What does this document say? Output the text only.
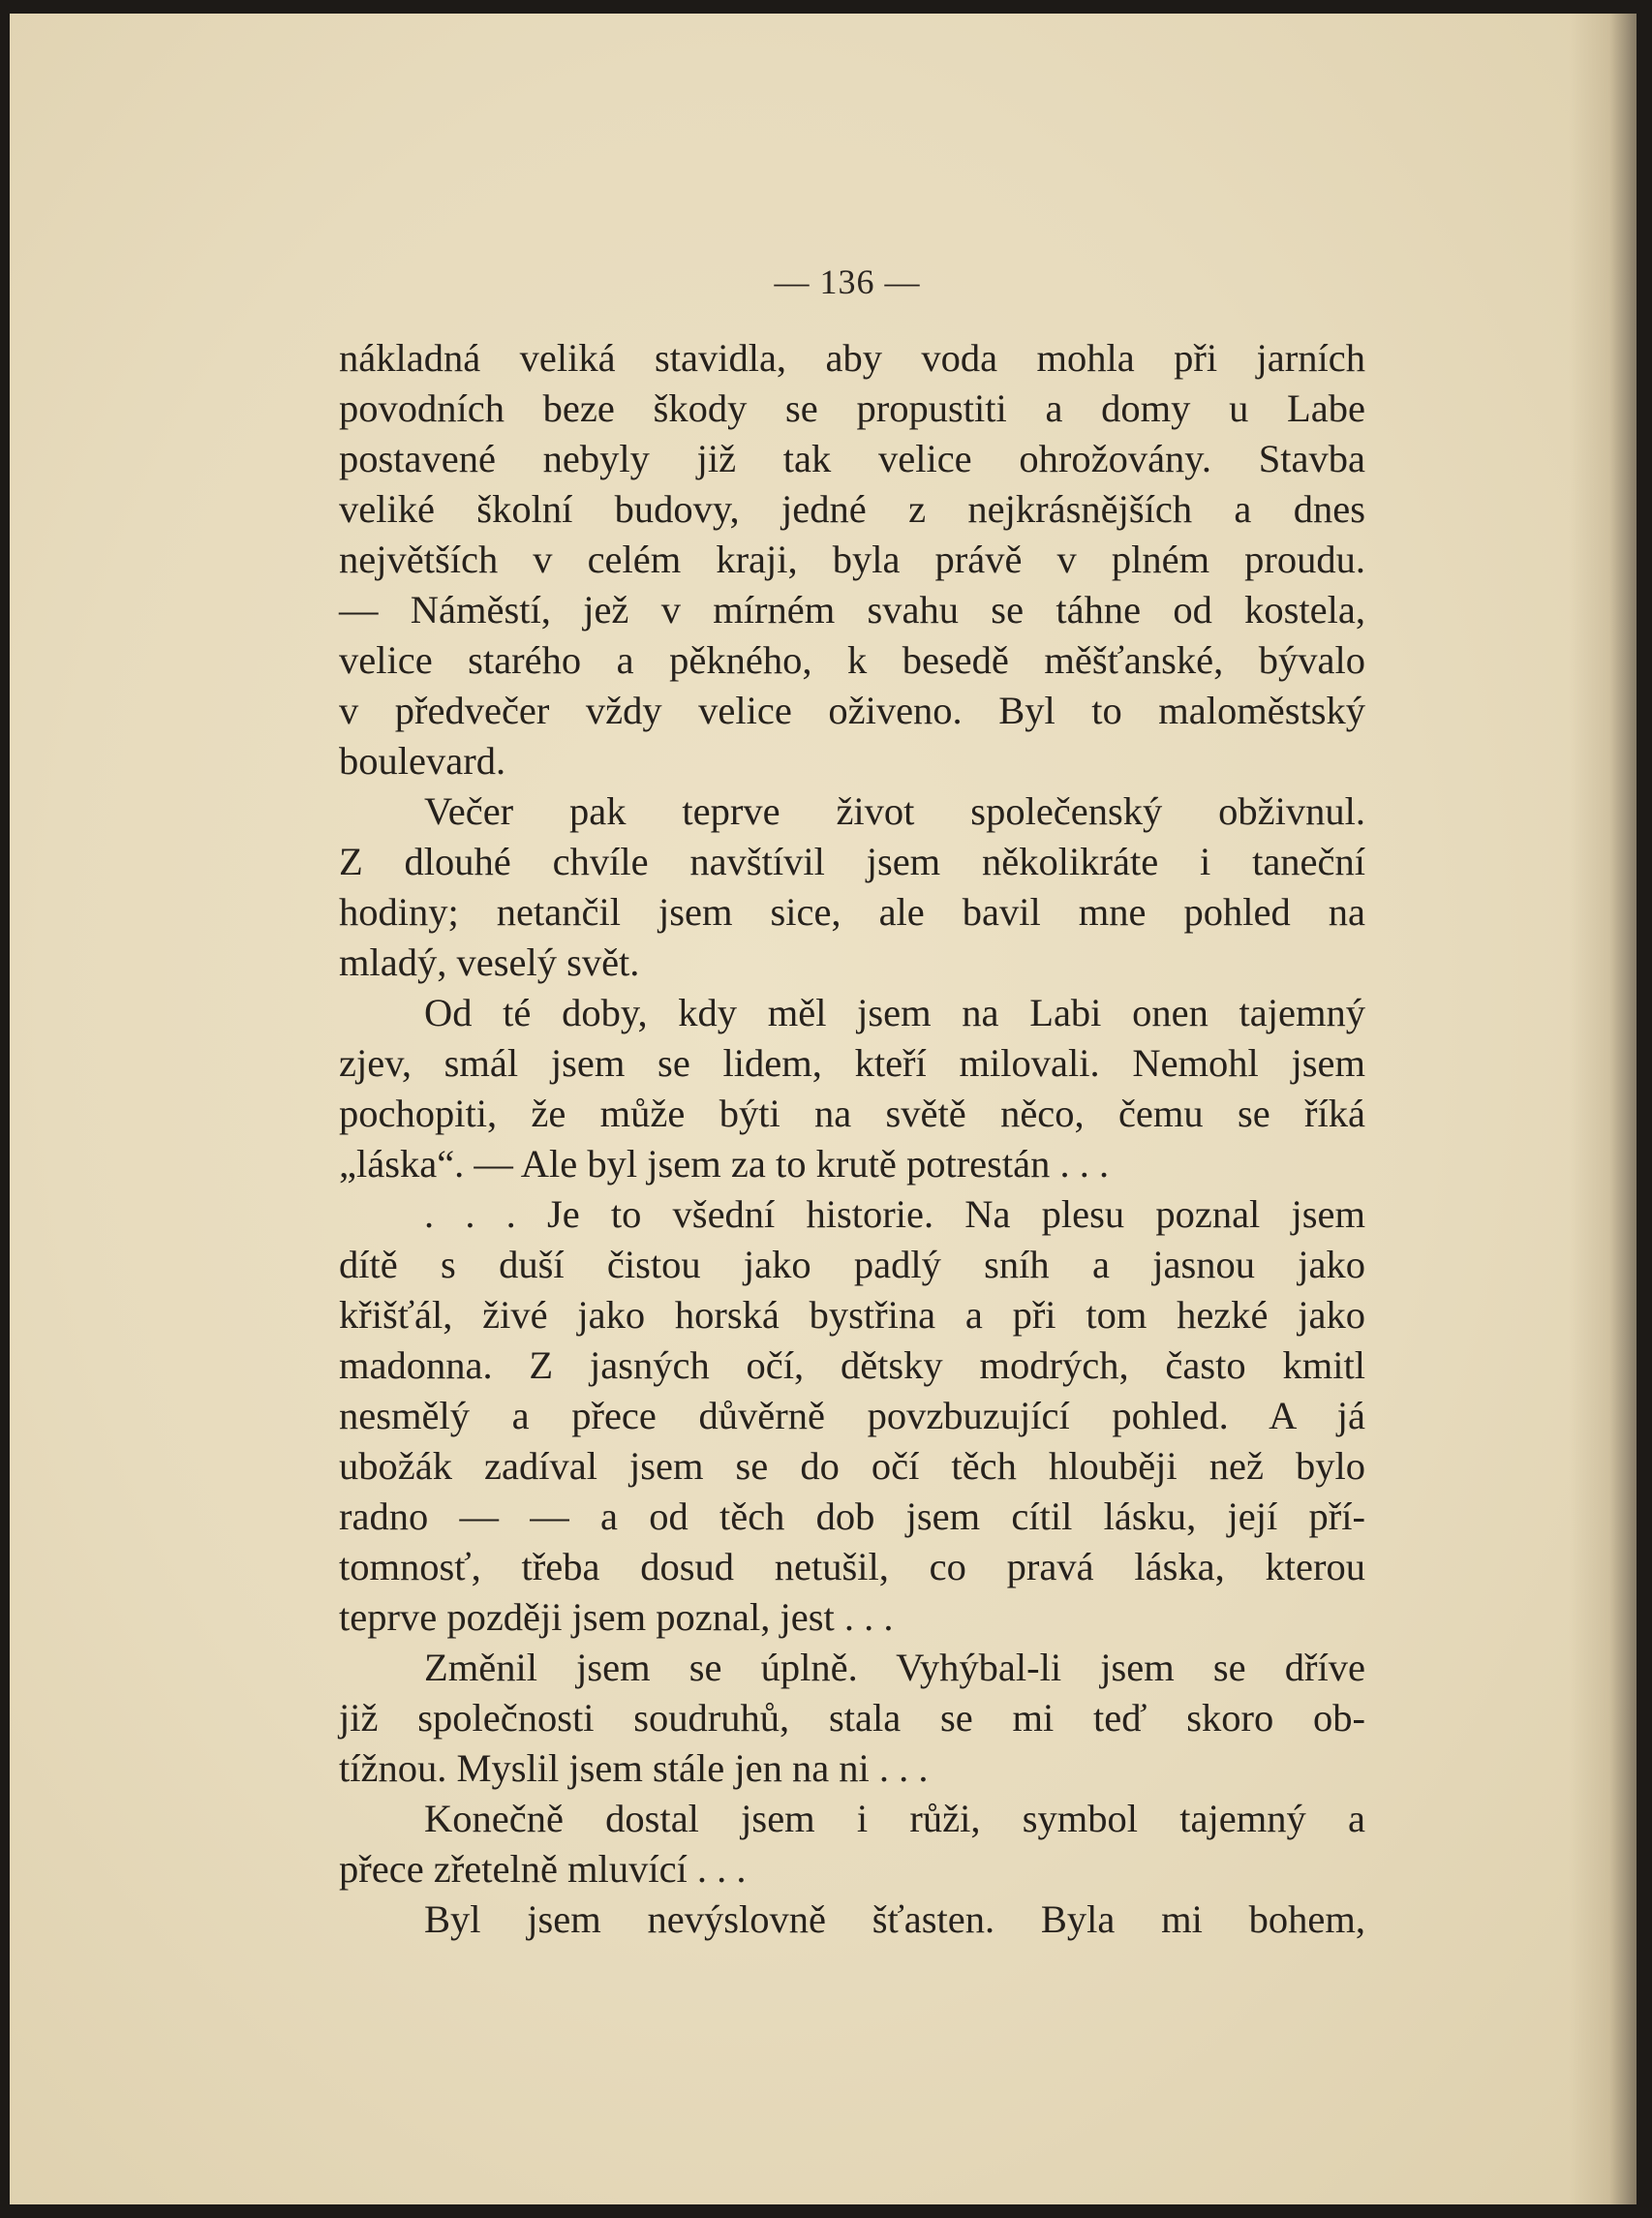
— 136 —

nákladná veliká stavidla, aby voda mohla při jarních
povodních beze škody se propustiti a domy u Labe
postavené nebyly již tak velice ohrožovány. Stavba
veliké školní budovy, jedné z nejkrásnějších a dnes
největších v celém kraji, byla právě v plném proudu.
— Náměstí, jež v mírném svahu se táhne od kostela,
velice starého a pěkného, k besedě měšťanské, bývalo
v předvečer vždy velice oživeno. Byl to maloměstský
boulevard.

Večer pak teprve život společenský obživnul.
Z dlouhé chvíle navštívil jsem několikráte i taneční
hodiny; netančil jsem sice, ale bavil mne pohled na
mladý, veselý svět.

Od té doby, kdy měl jsem na Labi onen tajemný
zjev, smál jsem se lidem, kteří milovali. Nemohl jsem
pochopiti, že může býti na světě něco, čemu se říká
„láska“. — Ale byl jsem za to krutě potrestán . . .

. . . Je to všední historie. Na plesu poznal jsem
dítě s duší čistou jako padlý sníh a jasnou jako
křišťál, živé jako horská bystřina a při tom hezké jako
madonna. Z jasných očí, dětsky modrých, často kmitl
nesmělý a přece důvěrně povzbuzující pohled. A já
ubožák zadíval jsem se do očí těch hlouběji než bylo
radno — — a od těch dob jsem cítil lásku, její pří-
tomnosť, třeba dosud netušil, co pravá láska, kterou
teprve později jsem poznal, jest . . .

Změnil jsem se úplně. Vyhýbal-li jsem se dříve
již společnosti soudruhů, stala se mi teď skoro ob-
tížnou. Myslil jsem stále jen na ni . . .

Konečně dostal jsem i růži, symbol tajemný a
přece zřetelně mluvící . . .

Byl jsem nevýslovně šťasten. Byla mi bohem,
